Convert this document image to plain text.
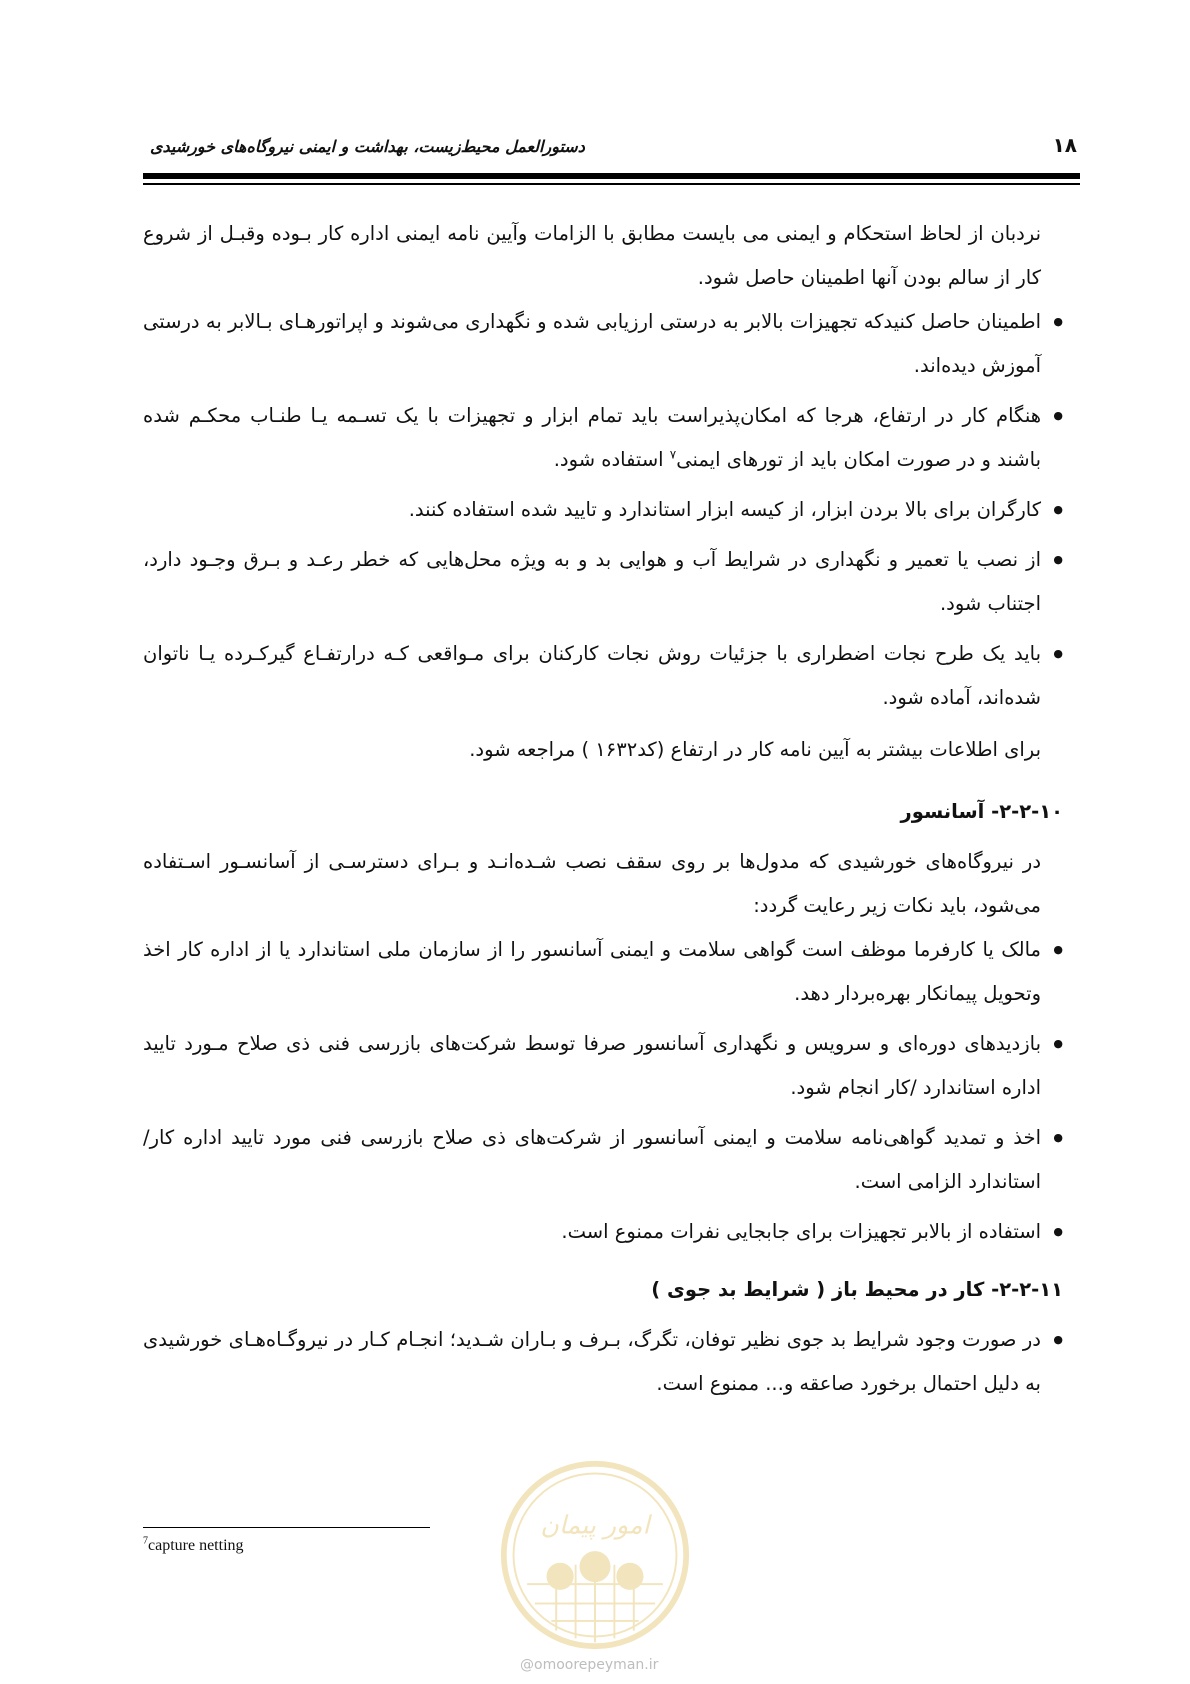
۱۸
دستورالعمل محیط‌زیست، بهداشت و ایمنی نیروگاه‌های خورشیدی

نردبان از لحاظ استحکام و ایمنی می بایست مطابق با الزامات وآیین نامه ایمنی اداره کار بـوده وقبـل از شروع کار از سالم بودن آنها اطمینان حاصل شود.

● اطمینان حاصل کنیدکه تجهیزات بالابر به درستی ارزیابی شده و نگهداری می‌شوند و اپراتورهـای بـالابر به درستی آموزش دیده‌اند.
● هنگام کار در ارتفاع، هرجا که امکان‌پذیراست باید تمام ابزار و تجهیزات با یک تسـمه یـا طنـاب محکـم شده باشند و در صورت امکان باید از تورهای ایمنی$^۷$ استفاده شود.
● کارگران برای بالا بردن ابزار، از کیسه ابزار استاندارد و تایید شده استفاده کنند.
● از نصب یا تعمیر و نگهداری در شرایط آب و هوایی بد و به ویژه محل‌هایی که خطر رعـد و بـرق وجـود دارد، اجتناب شود.
● باید یک طرح نجات اضطراری با جزئیات روش نجات کارکنان برای مـواقعی کـه درارتفـاع گیرکـرده یـا ناتوان شده‌اند، آماده شود.

برای اطلاعات بیشتر به آیین نامه کار در ارتفاع (کد۱۶۳۲ ) مراجعه شود.

۲-۲-۱۰- آسانسور

در نیروگاه‌های خورشیدی که مدول‌ها بر روی سقف نصب شـده‌انـد و بـرای دسترسـی از آسانسـور اسـتفاده می‌شود، باید نکات زیر رعایت گردد:

● مالک یا کارفرما موظف است گواهی سلامت و ایمنی آسانسور را از سازمان ملی استاندارد یا از اداره کار اخذ وتحویل پیمانکار بهره‌بردار دهد.
● بازدیدهای دوره‌ای و سرویس و نگهداری آسانسور صرفا توسط شرکت‌های بازرسی فنی ذی صلاح مـورد تایید اداره استاندارد /کار انجام شود.
● اخذ و تمدید گواهی‌نامه سلامت و ایمنی آسانسور از شرکت‌های ذی صلاح بازرسی فنی مورد تایید اداره کار/استاندارد الزامی است.
● استفاده از بالابر تجهیزات برای جابجایی نفرات ممنوع است.
۲-۲-۱۱- کار در محیط باز ( شرایط بد جوی )
● در صورت وجود شرایط بد جوی نظیر توفان، تگرگ، بـرف و بـاران شـدید؛ انجـام کـار در نیروگـاه‌هـای خورشیدی به دلیل احتمال برخورد صاعقه و... ممنوع است.
$^7$capture netting
امور پیمان
@omoorepeyman.ir
